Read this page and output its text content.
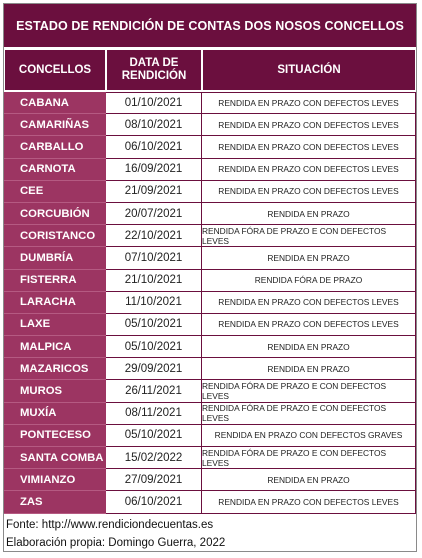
ESTADO DE RENDICIÓN DE CONTAS DOS NOSOS CONCELLOS
CONCELLOS
DATA DE RENDICIÓN
SITUACIÓN
CABANA	01/10/2021	RENDIDA EN PRAZO CON DEFECTOS LEVES
CAMARIÑAS	08/10/2021	RENDIDA EN PRAZO CON DEFECTOS LEVES
CARBALLO	06/10/2021	RENDIDA EN PRAZO CON DEFECTOS LEVES
CARNOTA	16/09/2021	RENDIDA EN PRAZO CON DEFECTOS LEVES
CEE	21/09/2021	RENDIDA EN PRAZO CON DEFECTOS LEVES
CORCUBIÓN	20/07/2021	RENDIDA EN PRAZO
CORISTANCO	22/10/2021	RENDIDA FÓRA DE PRAZO E CON DEFECTOS LEVES
DUMBRÍA	07/10/2021	RENDIDA EN PRAZO
FISTERRA	21/10/2021	RENDIDA FÓRA DE PRAZO
LARACHA	11/10/2021	RENDIDA EN PRAZO CON DEFECTOS LEVES
LAXE	05/10/2021	RENDIDA EN PRAZO CON DEFECTOS LEVES
MALPICA	05/10/2021	RENDIDA EN PRAZO
MAZARICOS	29/09/2021	RENDIDA EN PRAZO
MUROS	26/11/2021	RENDIDA FÓRA DE PRAZO E CON DEFECTOS LEVES
MUXÍA	08/11/2021	RENDIDA FÓRA DE PRAZO E CON DEFECTOS LEVES
PONTECESO	05/10/2021	RENDIDA EN PRAZO CON DEFECTOS GRAVES
SANTA COMBA	15/02/2022	RENDIDA FÓRA DE PRAZO E CON DEFECTOS LEVES
VIMIANZO	27/09/2021	RENDIDA EN PRAZO
ZAS	06/10/2021	RENDIDA EN PRAZO CON DEFECTOS LEVES
Fonte: http://www.rendiciondecuentas.es
Elaboración propia: Domingo Guerra, 2022
